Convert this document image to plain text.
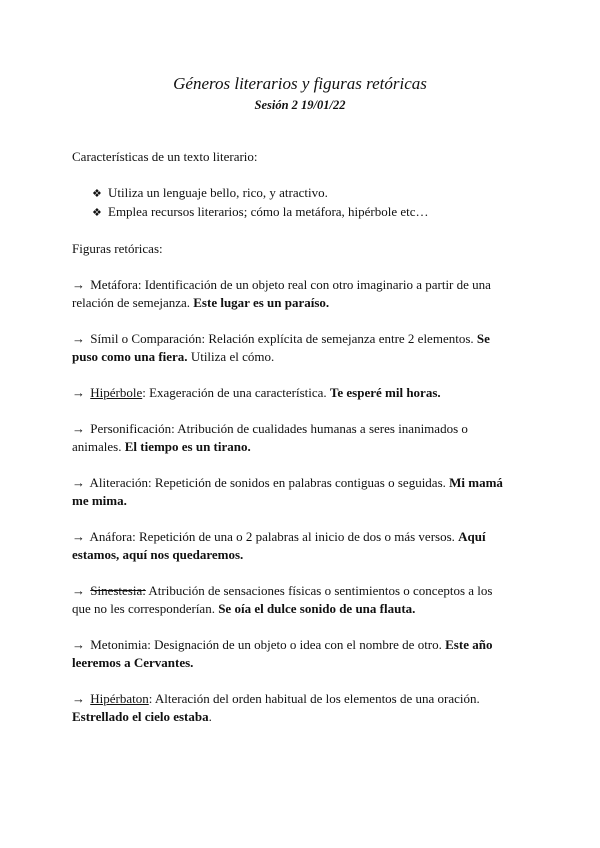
Géneros literarios y figuras retóricas
Sesión 2 19/01/22

Características de un texto literario:

❖ Utiliza un lenguaje bello, rico, y atractivo.
❖ Emplea recursos literarios; cómo la metáfora, hipérbole etc…

Figuras retóricas:

→ Metáfora: Identificación de un objeto real con otro imaginario a partir de una relación de semejanza. Este lugar es un paraíso.

→ Símil o Comparación: Relación explícita de semejanza entre 2 elementos. Se puso como una fiera. Utiliza el cómo.

→ Hipérbole: Exageración de una característica. Te esperé mil horas.

→ Personificación: Atribución de cualidades humanas a seres inanimados o animales. El tiempo es un tirano.

→ Aliteración: Repetición de sonidos en palabras contiguas o seguidas. Mi mamá me mima.

→ Anáfora: Repetición de una o 2 palabras al inicio de dos o más versos. Aquí estamos, aquí nos quedaremos.

→ Sinestesia: Atribución de sensaciones físicas o sentimientos o conceptos a los que no les corresponderían. Se oía el dulce sonido de una flauta.

→ Metonimia: Designación de un objeto o idea con el nombre de otro. Este año leeremos a Cervantes.

→ Hipérbaton: Alteración del orden habitual de los elementos de una oración. Estrellado el cielo estaba.
